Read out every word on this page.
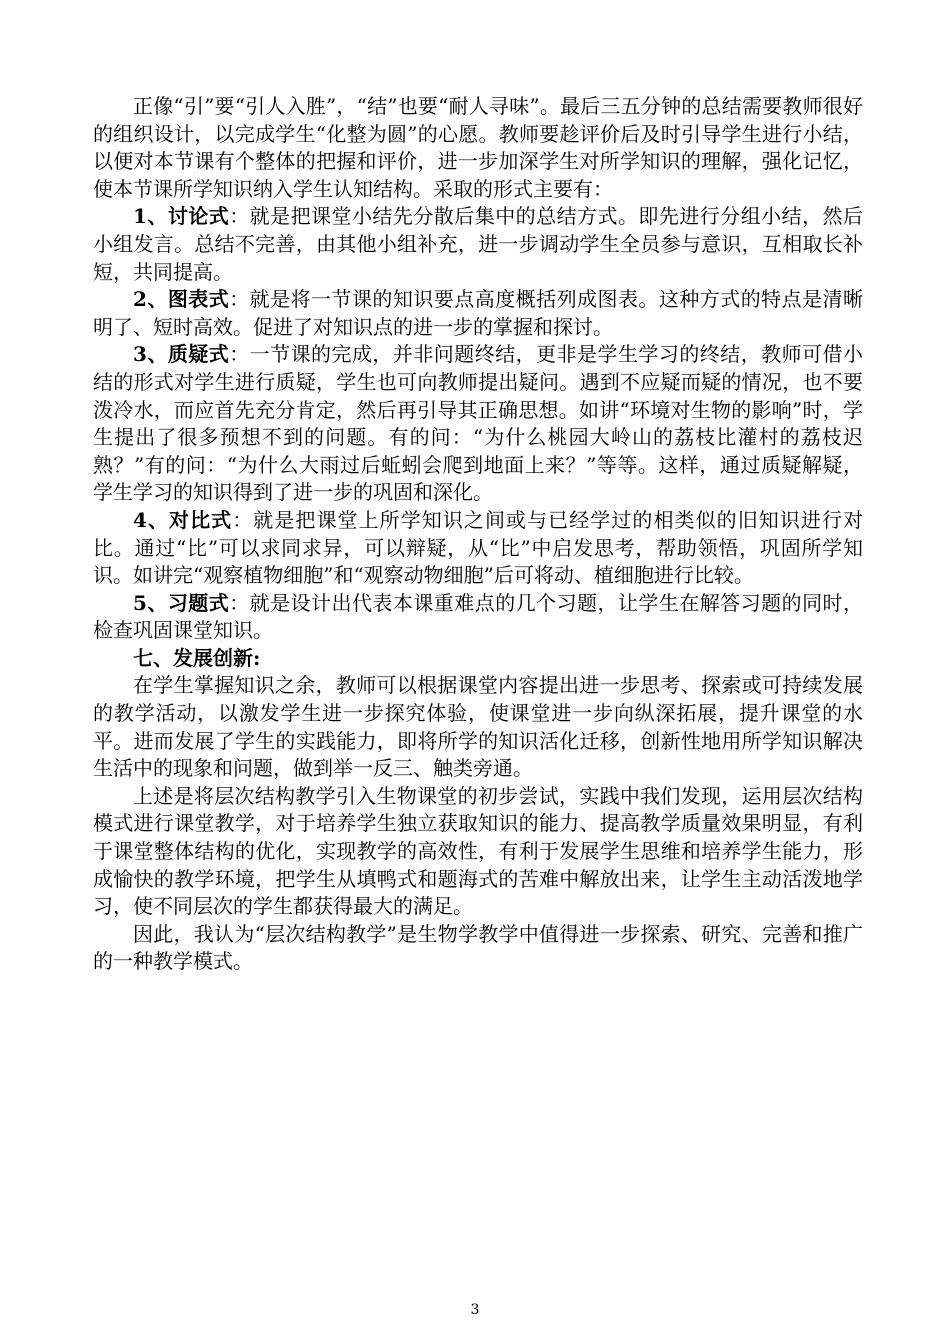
正像“引”要“引人入胜”，“结”也要“耐人寻味”。最后三五分钟的总结需要教师很好的组织设计，以完成学生“化整为圆”的心愿。教师要趁评价后及时引导学生进行小结，以便对本节课有个整体的把握和评价，进一步加深学生对所学知识的理解，强化记忆，使本节课所学知识纳入学生认知结构。采取的形式主要有：

1、讨论式：就是把课堂小结先分散后集中的总结方式。即先进行分组小结，然后小组发言。总结不完善，由其他小组补充，进一步调动学生全员参与意识，互相取长补短，共同提高。

2、图表式：就是将一节课的知识要点高度概括列成图表。这种方式的特点是清晰明了、短时高效。促进了对知识点的进一步的掌握和探讨。

3、质疑式：一节课的完成，并非问题终结，更非是学生学习的终结，教师可借小结的形式对学生进行质疑，学生也可向教师提出疑问。遇到不应疑而疑的情况，也不要泼冷水，而应首先充分肯定，然后再引导其正确思想。如讲“环境对生物的影响”时，学生提出了很多预想不到的问题。有的问：“为什么桃园大岭山的荔枝比灌村的荔枝迟熟？”有的问：“为什么大雨过后蚯蚓会爬到地面上来？”等等。这样，通过质疑解疑，学生学习的知识得到了进一步的巩固和深化。

4、对比式：就是把课堂上所学知识之间或与已经学过的相类似的旧知识进行对比。通过“比”可以求同求异，可以辩疑，从“比”中启发思考，帮助领悟，巩固所学知识。如讲完“观察植物细胞”和“观察动物细胞”后可将动、植细胞进行比较。

5、习题式：就是设计出代表本课重难点的几个习题，让学生在解答习题的同时，检查巩固课堂知识。

七、发展创新:

在学生掌握知识之余，教师可以根据课堂内容提出进一步思考、探索或可持续发展的教学活动，以激发学生进一步探究体验，使课堂进一步向纵深拓展，提升课堂的水平。进而发展了学生的实践能力，即将所学的知识活化迁移，创新性地用所学知识解决生活中的现象和问题，做到举一反三、触类旁通。

上述是将层次结构教学引入生物课堂的初步尝试，实践中我们发现，运用层次结构模式进行课堂教学，对于培养学生独立获取知识的能力、提高教学质量效果明显，有利于课堂整体结构的优化，实现教学的高效性，有利于发展学生思维和培养学生能力，形成愉快的教学环境，把学生从填鸭式和题海式的苦难中解放出来，让学生主动活泼地学习，使不同层次的学生都获得最大的满足。

因此，我认为“层次结构教学”是生物学教学中值得进一步探索、研究、完善和推广的一种教学模式。

3
